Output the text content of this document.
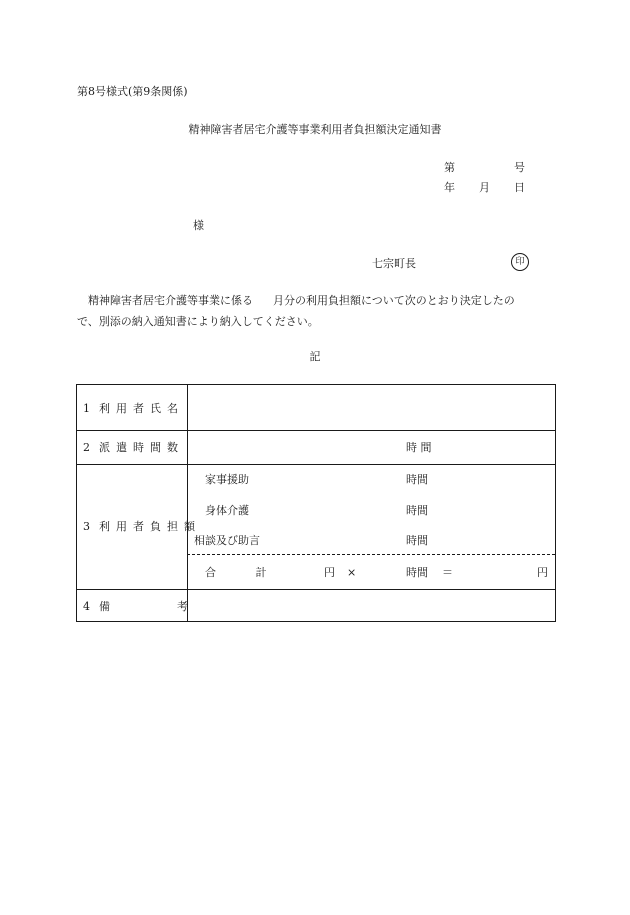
第8号様式(第9条関係)
精神障害者居宅介護等事業利用者負担額決定通知書
第	号
年 月 日
様
七宗町長	印
精神障害者居宅介護等事業に係る 月分の利用負担額について次のとおり決定したの
で、別添の納入通知書により納入してください。
記
1 利用者氏名
2 派遣時間数	時 間
3 利用者負担額
家事援助	時間
身体介護	時間
相談及び助言	時間
合 計	円 ×	時間 ＝	円
4 備	考
